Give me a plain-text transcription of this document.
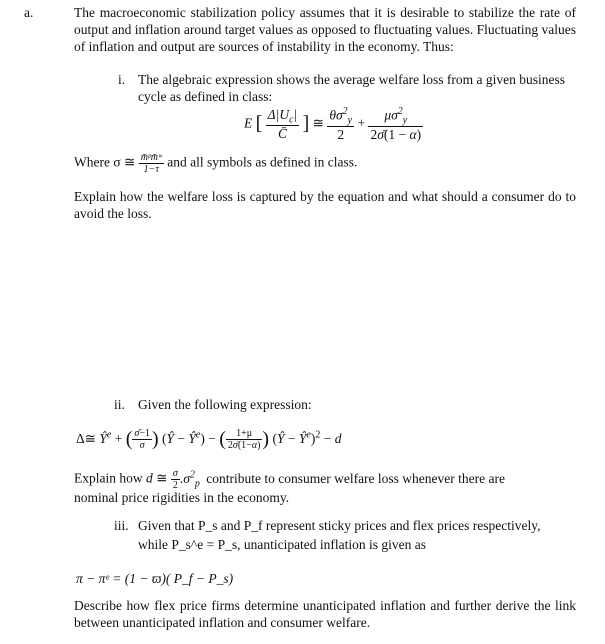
a.	The macroeconomic stabilization policy assumes that it is desirable to stabilize the rate of output and inflation around target values as opposed to fluctuating values. Fluctuating values of inflation and output are sources of instability in the economy. Thus:
i. The algebraic expression shows the average welfare loss from a given business cycle as defined in class:
E [ $\frac{\Delta|U_c|}{C̄}$ ] ≅ $\frac{\theta\sigma^2_y}{2} + \frac{\mu\sigma^2_y}{2\sigmā(1 - \alpha)}$
Where σ ≅ $\frac{\text{m̄ᵖm̄ʷ}}{1-\tau}$ and all symbols as defined in class.
Explain how the welfare loss is captured by the equation and what should a consumer do to avoid the loss.
ii. Given the following expression:
Δ≅ $Ŷ^e$ + ( $\frac{\sigmā-1}{\sigma}$ ) (Ŷ − $Ŷ^e$) − ( $\frac{1+\mu}{2\sigmā(1-\alpha)}$ ) (Ŷ − $Ŷ^e)^2 - d$
Explain how d ≅ $\frac{\sigma}{2} .\sigma^2_p$ contribute to consumer welfare loss whenever there are
nominal price rigidities in the economy.
iii. Given that P_s and P_f represent sticky prices and flex prices respectively,
while P_s^e = P_s, unanticipated inflation is given as
π − πᵉ = (1 − ϖ)( P_f − P_s)
Describe how flex price firms determine unanticipated inflation and further derive the link between unanticipated inflation and consumer welfare.
